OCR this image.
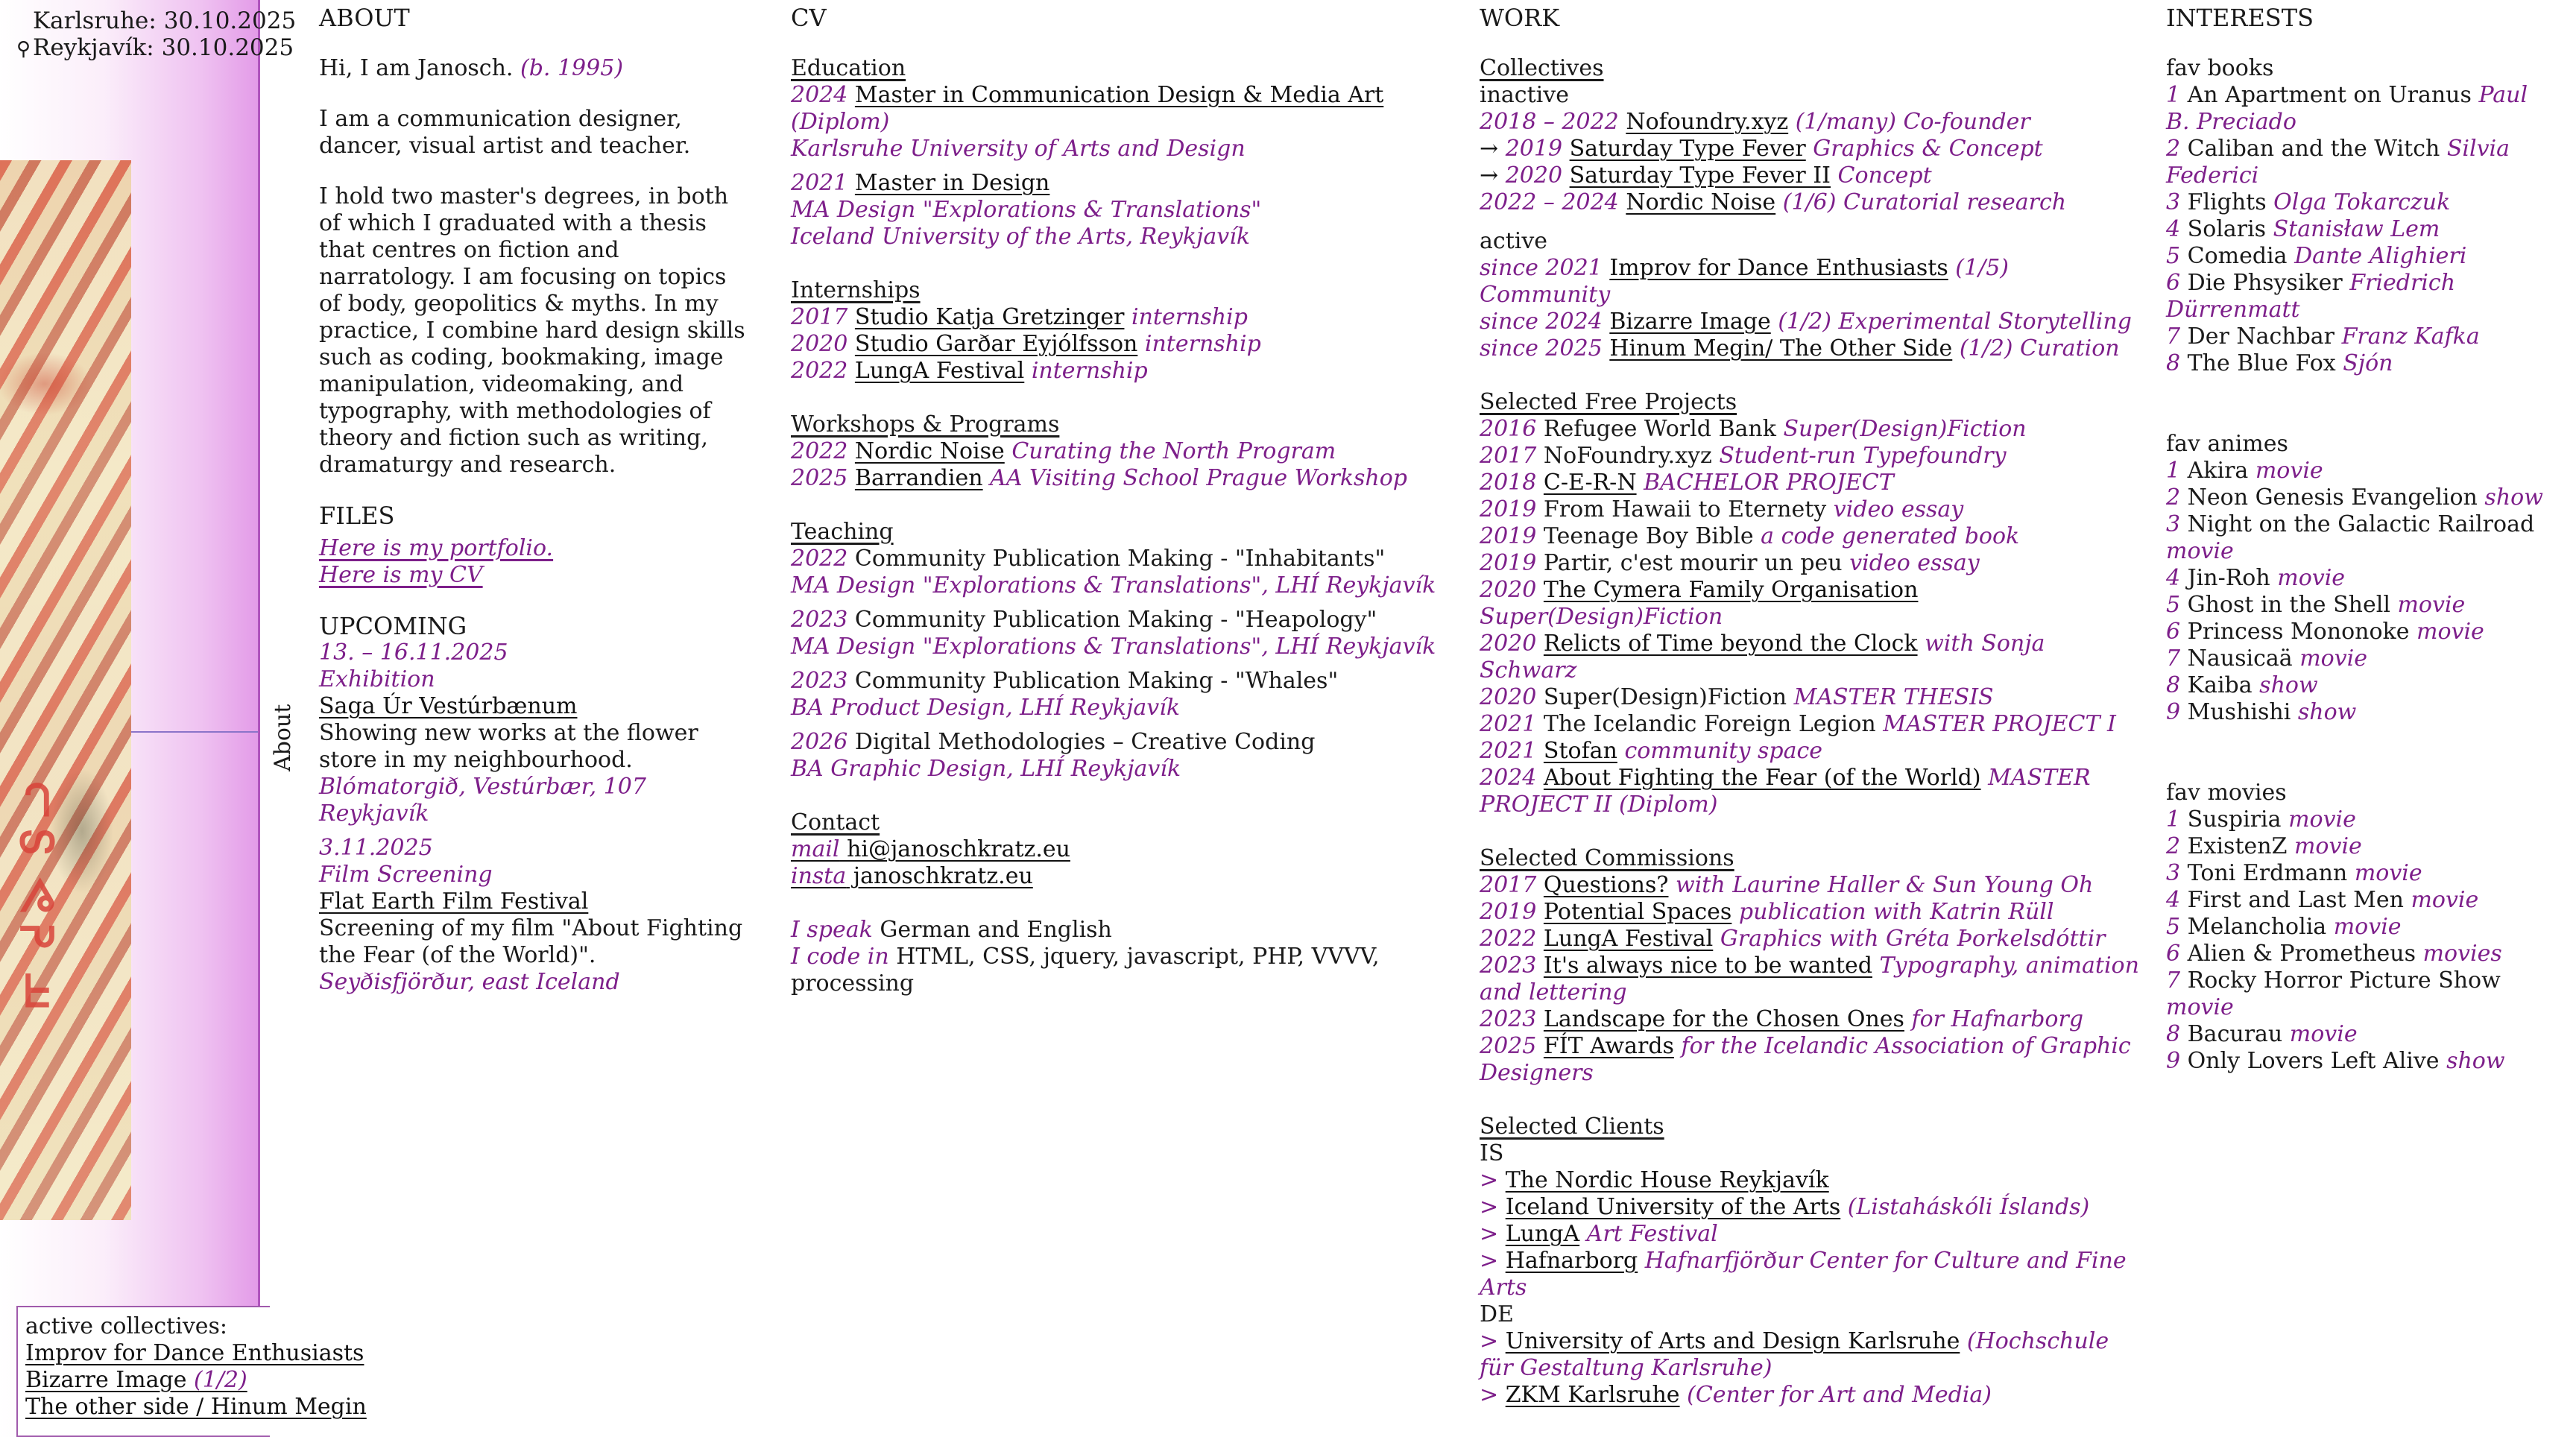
Karlsruhe: 30.10.2025
⚲Reykjavík: 30.10.2025
ᖷᕆᕓᔕᘂ
active collectives:
Improv for Dance Enthusiasts
Bizarre Image (1/2)
The other side / Hinum Megin
About
ABOUT

Hi, I am Janosch. (b. 1995)

I am a communication designer, dancer, visual artist and teacher.

I hold two master's degrees, in both of which I graduated with a thesis that centres on fiction and narratology. I am focusing on topics of body, geopolitics & myths. In my practice, I combine hard design skills such as coding, bookmaking, image manipulation, videomaking, and typography, with methodologies of theory and fiction such as writing, dramaturgy and research.

FILES

Here is my portfolio.
Here is my CV

UPCOMING
13. – 16.11.2025
Exhibition
Saga Úr Vestúrbænum
Showing new works at the flower store in my neighbourhood.
Blómatorgið, Vestúrbær, 107 Reykjavík
3.11.2025
Film Screening
Flat Earth Film Festival
Screening of my film "About Fighting the Fear (of the World)".
Seyðisfjörður, east Iceland
CV
Education
2024 Master in Communication Design & Media Art (Diplom)
Karlsruhe University of Arts and Design
2021 Master in Design
MA Design "Explorations & Translations"
Iceland University of the Arts, Reykjavík
Internships
2017 Studio Katja Gretzinger internship
2020 Studio Garðar Eyjólfsson internship
2022 LungA Festival internship
Workshops & Programs
2022 Nordic Noise Curating the North Program
2025 Barrandien AA Visiting School Prague Workshop
Teaching
2022 Community Publication Making - "Inhabitants"
MA Design "Explorations & Translations", LHÍ Reykjavík
2023 Community Publication Making - "Heapology"
MA Design "Explorations & Translations", LHÍ Reykjavík
2023 Community Publication Making - "Whales"
BA Product Design, LHÍ Reykjavík
2026 Digital Methodologies – Creative Coding
BA Graphic Design, LHÍ Reykjavík
Contact
mail hi@janoschkratz.eu
insta janoschkratz.eu
I speak German and English
I code in HTML, CSS, jquery, javascript, PHP, VVVV, processing
WORK
Collectives
inactive
2018 – 2022 Nofoundry.xyz (1/many) Co-founder
→ 2019 Saturday Type Fever Graphics & Concept
→ 2020 Saturday Type Fever II Concept
2022 – 2024 Nordic Noise (1/6) Curatorial research
active
since 2021 Improv for Dance Enthusiasts (1/5) Community
since 2024 Bizarre Image (1/2) Experimental Storytelling
since 2025 Hinum Megin/ The Other Side (1/2) Curation
Selected Free Projects
2016 Refugee World Bank Super(Design)Fiction
2017 NoFoundry.xyz Student-run Typefoundry
2018 C-E-R-N BACHELOR PROJECT
2019 From Hawaii to Eternety video essay
2019 Teenage Boy Bible a code generated book
2019 Partir, c'est mourir un peu video essay
2020 The Cymera Family Organisation Super(Design)Fiction
2020 Relicts of Time beyond the Clock with Sonja Schwarz
2020 Super(Design)Fiction MASTER THESIS
2021 The Icelandic Foreign Legion MASTER PROJECT I
2021 Stofan community space
2024 About Fighting the Fear (of the World) MASTER PROJECT II (Diplom)
Selected Commissions
2017 Questions? with Laurine Haller & Sun Young Oh
2019 Potential Spaces publication with Katrin Rüll
2022 LungA Festival Graphics with Gréta Þorkelsdóttir
2023 It's always nice to be wanted Typography, animation and lettering
2023 Landscape for the Chosen Ones for Hafnarborg
2025 FÍT Awards for the Icelandic Association of Graphic Designers
Selected Clients
IS
> The Nordic House Reykjavík
> Iceland University of the Arts (Listaháskóli Íslands)
> LungA Art Festival
> Hafnarborg Hafnarfjörður Center for Culture and Fine Arts
DE
> University of Arts and Design Karlsruhe (Hochschule für Gestaltung Karlsruhe)
> ZKM Karlsruhe (Center for Art and Media)
INTERESTS
fav books
1 An Apartment on Uranus Paul B. Preciado
2 Caliban and the Witch Silvia Federici
3 Flights Olga Tokarczuk
4 Solaris Stanisław Lem
5 Comedia Dante Alighieri
6 Die Phsysiker Friedrich Dürrenmatt
7 Der Nachbar Franz Kafka
8 The Blue Fox Sjón
fav animes
1 Akira movie
2 Neon Genesis Evangelion show
3 Night on the Galactic Railroad movie
4 Jin-Roh movie
5 Ghost in the Shell movie
6 Princess Mononoke movie
7 Nausicaä movie
8 Kaiba show
9 Mushishi show
fav movies
1 Suspiria movie
2 ExistenZ movie
3 Toni Erdmann movie
4 First and Last Men movie
5 Melancholia movie
6 Alien & Prometheus movies
7 Rocky Horror Picture Show movie
8 Bacurau movie
9 Only Lovers Left Alive show
